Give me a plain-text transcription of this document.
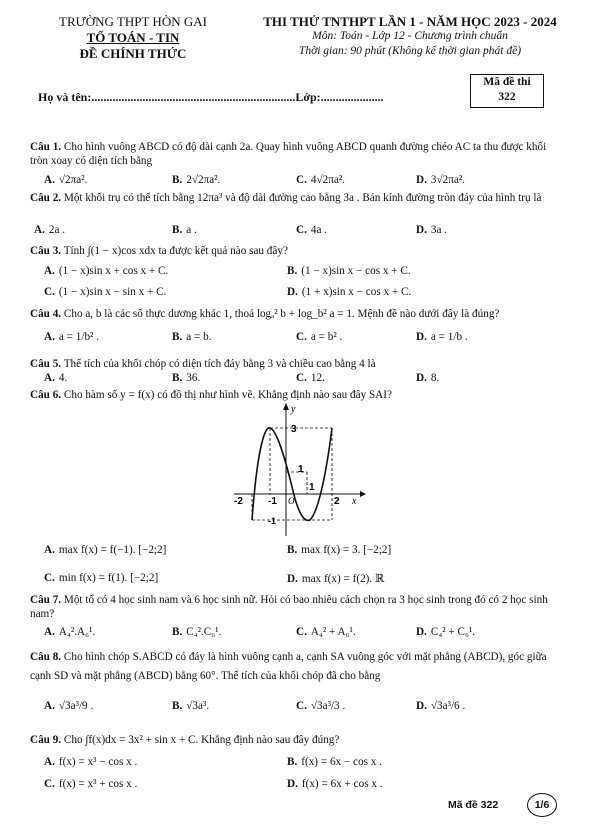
TRƯỜNG THPT HÒN GAI
TỔ TOÁN - TIN
ĐỀ CHÍNH THỨC
THI THỬ TNTHPT LẦN 1 - NĂM HỌC 2023 - 2024
Môn: Toán - Lớp 12 - Chương trình chuẩn
Thời gian: 90 phút (Không kể thời gian phát đề)
Mã đề thi
322
Họ và tên:....................................................................Lớp:.....................
Câu 1. Cho hình vuông ABCD có độ dài cạnh 2a. Quay hình vuông ABCD quanh đường chéo AC ta thu được khối tròn xoay có diện tích bằng
A. √2πa².	B. 2√2πa².	C. 4√2πa².	D. 3√2πa².
Câu 2. Một khối trụ có thể tích bằng 12πa³ và độ dài đường cao bằng 3a . Bán kính đường tròn đáy của hình trụ là
A. 2a .	B. a .	C. 4a .	D. 3a .
Câu 3. Tính ∫(1 − x)cos xdx ta được kết quả nào sau đây?
A. (1 − x)sin x + cos x + C.	B. (1 − x)sin x − cos x + C.
C. (1 − x)sin x − sin x + C.	D. (1 + x)sin x − cos x + C.
Câu 4. Cho a, b là các số thực dương khác 1, thoả logₐ² b + log_b² a = 1. Mệnh đề nào dưới đây là đúng?
A. a = 1/b² .	B. a = b.	C. a = b² .	D. a = 1/b .
Câu 5. Thể tích của khối chóp có diện tích đáy bằng 3 và chiều cao bằng 4 là
A. 4.	B. 36.	C. 12.	D. 8.
Câu 6. Cho hàm số y = f(x) có đồ thị như hình vẽ. Khẳng định nào sau đây SAI?
y
x
O
3
1
1
-2	-1	2
-1
A. max f(x) = f(−1). [−2;2]	B. max f(x) = 3. [−2;2]
C. min f(x) = f(1). [−2;2]	D. max f(x) = f(2). ℝ
Câu 7. Một tổ có 4 học sinh nam và 6 học sinh nữ. Hỏi có bao nhiêu cách chọn ra 3 học sinh trong đó có 2 học sinh nam?
A. A₄².A₆¹.	B. C₄².C₆¹.	C. A₄² + A₆¹.	D. C₄² + C₆¹.
Câu 8. Cho hình chóp S.ABCD có đáy là hình vuông cạnh a, cạnh SA vuông góc với mặt phẳng (ABCD), góc giữa cạnh SD và mặt phẳng (ABCD) bằng 60°. Thể tích của khối chóp đã cho bằng
A. √3a³/9 .	B. √3a³.	C. √3a³/3 .	D. √3a³/6 .
Câu 9. Cho ∫f(x)dx = 3x² + sin x + C. Khẳng định nào sau đây đúng?
A. f(x) = x³ − cos x .	B. f(x) = 6x − cos x .
C. f(x) = x³ + cos x .	D. f(x) = 6x + cos x .
Mã đề 322	1/6
